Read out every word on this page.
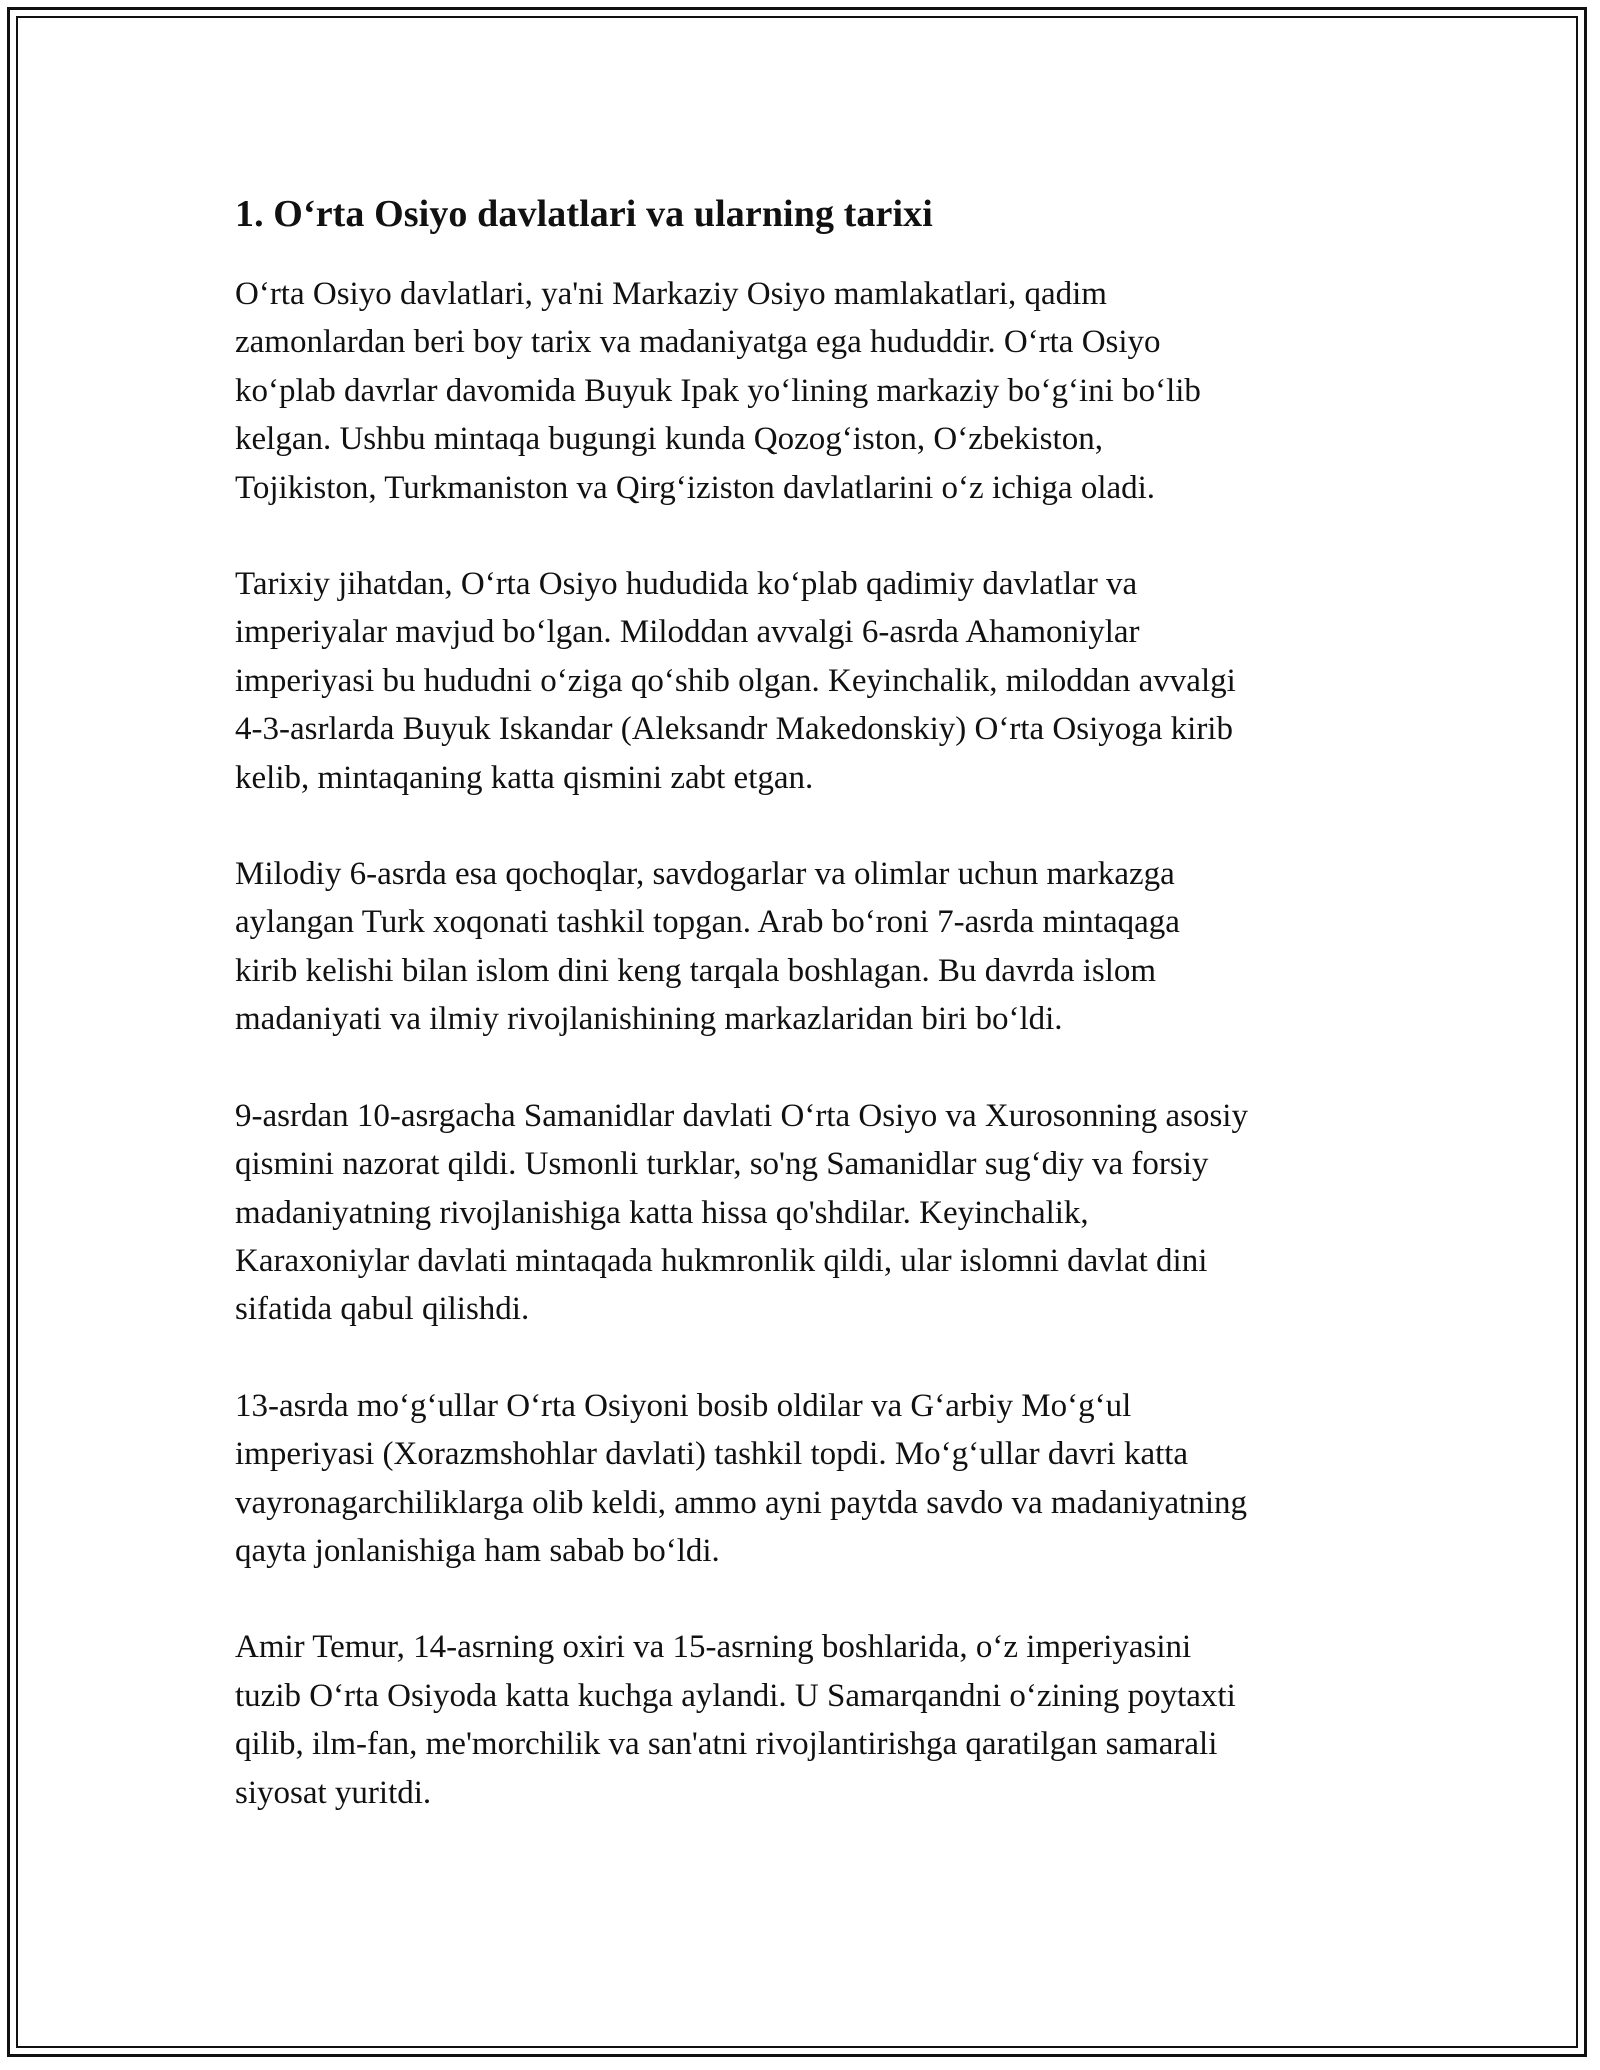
1. O‘rta Osiyo davlatlari va ularning tarixi

O‘rta Osiyo davlatlari, ya'ni Markaziy Osiyo mamlakatlari, qadim
zamonlardan beri boy tarix va madaniyatga ega hududdir. O‘rta Osiyo
ko‘plab davrlar davomida Buyuk Ipak yo‘lining markaziy bo‘g‘ini bo‘lib
kelgan. Ushbu mintaqa bugungi kunda Qozog‘iston, O‘zbekiston,
Tojikiston, Turkmaniston va Qirg‘iziston davlatlarini o‘z ichiga oladi.

Tarixiy jihatdan, O‘rta Osiyo hududida ko‘plab qadimiy davlatlar va
imperiyalar mavjud bo‘lgan. Miloddan avvalgi 6-asrda Ahamoniylar
imperiyasi bu hududni o‘ziga qo‘shib olgan. Keyinchalik, miloddan avvalgi
4-3-asrlarda Buyuk Iskandar (Aleksandr Makedonskiy) O‘rta Osiyoga kirib
kelib, mintaqaning katta qismini zabt etgan.

Milodiy 6-asrda esa qochoqlar, savdogarlar va olimlar uchun markazga
aylangan Turk xoqonati tashkil topgan. Arab bo‘roni 7-asrda mintaqaga
kirib kelishi bilan islom dini keng tarqala boshlagan. Bu davrda islom
madaniyati va ilmiy rivojlanishining markazlaridan biri bo‘ldi.

9-asrdan 10-asrgacha Samanidlar davlati O‘rta Osiyo va Xurosonning asosiy
qismini nazorat qildi. Usmonli turklar, so'ng Samanidlar sug‘diy va forsiy
madaniyatning rivojlanishiga katta hissa qo'shdilar. Keyinchalik,
Karaxoniylar davlati mintaqada hukmronlik qildi, ular islomni davlat dini
sifatida qabul qilishdi.

13-asrda mo‘g‘ullar O‘rta Osiyoni bosib oldilar va G‘arbiy Mo‘g‘ul
imperiyasi (Xorazmshohlar davlati) tashkil topdi. Mo‘g‘ullar davri katta
vayronagarchiliklarga olib keldi, ammo ayni paytda savdo va madaniyatning
qayta jonlanishiga ham sabab bo‘ldi.

Amir Temur, 14-asrning oxiri va 15-asrning boshlarida, o‘z imperiyasini
tuzib O‘rta Osiyoda katta kuchga aylandi. U Samarqandni o‘zining poytaxti
qilib, ilm-fan, me'morchilik va san'atni rivojlantirishga qaratilgan samarali
siyosat yuritdi.
